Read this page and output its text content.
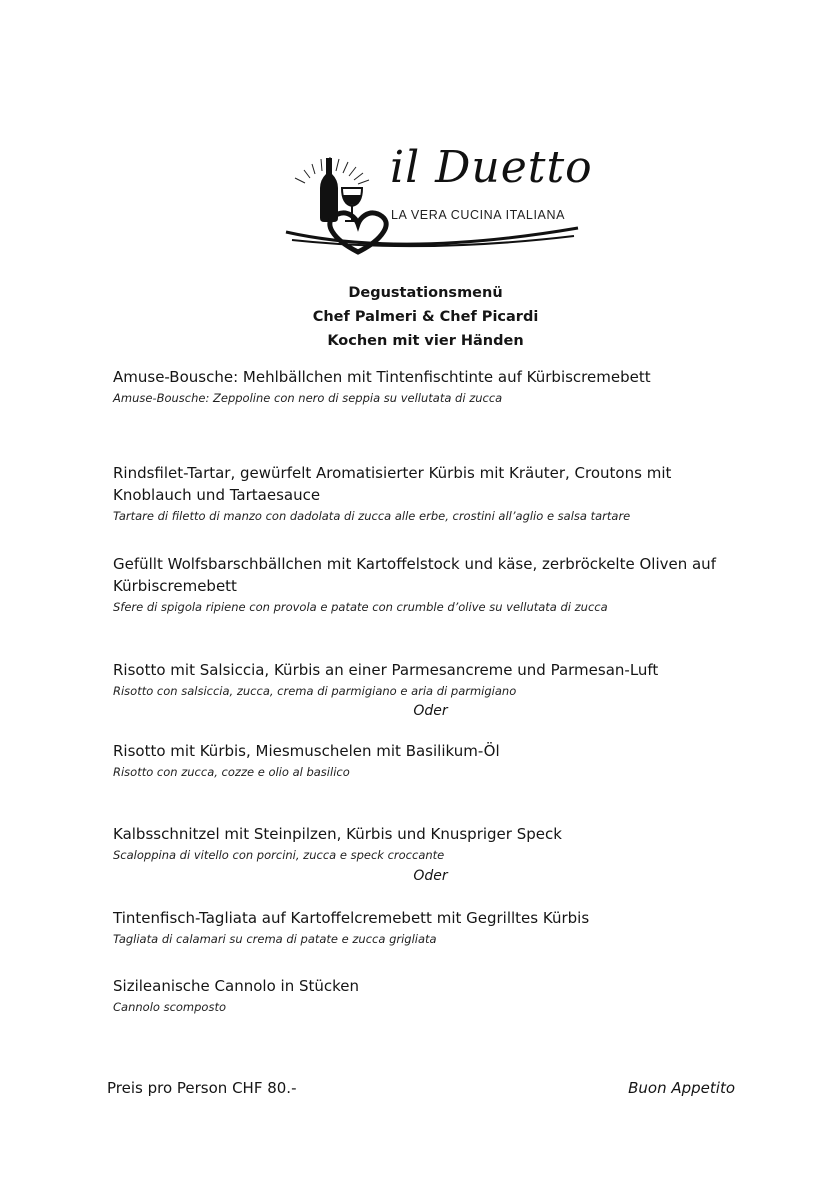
il Duetto
LA VERA CUCINA ITALIANA
Degustationsmenü
Chef Palmeri & Chef Picardi
Kochen mit vier Händen
Amuse-Bousche: Mehlbällchen mit Tintenfischtinte auf Kürbiscremebett
Amuse-Bousche: Zeppoline con nero di seppia su vellutata di zucca
Rindsfilet-Tartar, gewürfelt Aromatisierter Kürbis mit Kräuter, Croutons mit Knoblauch und Tartaesauce
Tartare di filetto di manzo con dadolata di zucca alle erbe, crostini all’aglio e salsa tartare
Gefüllt Wolfsbarschbällchen mit Kartoffelstock und käse, zerbröckelte Oliven auf Kürbiscremebett
Sfere di spigola ripiene con provola e patate con crumble d’olive su vellutata di zucca
Risotto mit Salsiccia, Kürbis an einer Parmesancreme und Parmesan-Luft
Risotto con salsiccia, zucca, crema di parmigiano e aria di parmigiano
Oder
Risotto mit Kürbis, Miesmuschelen mit Basilikum-Öl
Risotto con zucca, cozze e olio al basilico
Kalbsschnitzel mit Steinpilzen, Kürbis und Knuspriger Speck
Scaloppina di vitello con porcini, zucca e speck croccante
Oder
Tintenfisch-Tagliata auf Kartoffelcremebett mit Gegrilltes Kürbis
Tagliata di calamari su crema di patate e zucca grigliata
Sizileanische Cannolo in Stücken
Cannolo scomposto
Preis pro Person CHF 80.-	Buon Appetito
